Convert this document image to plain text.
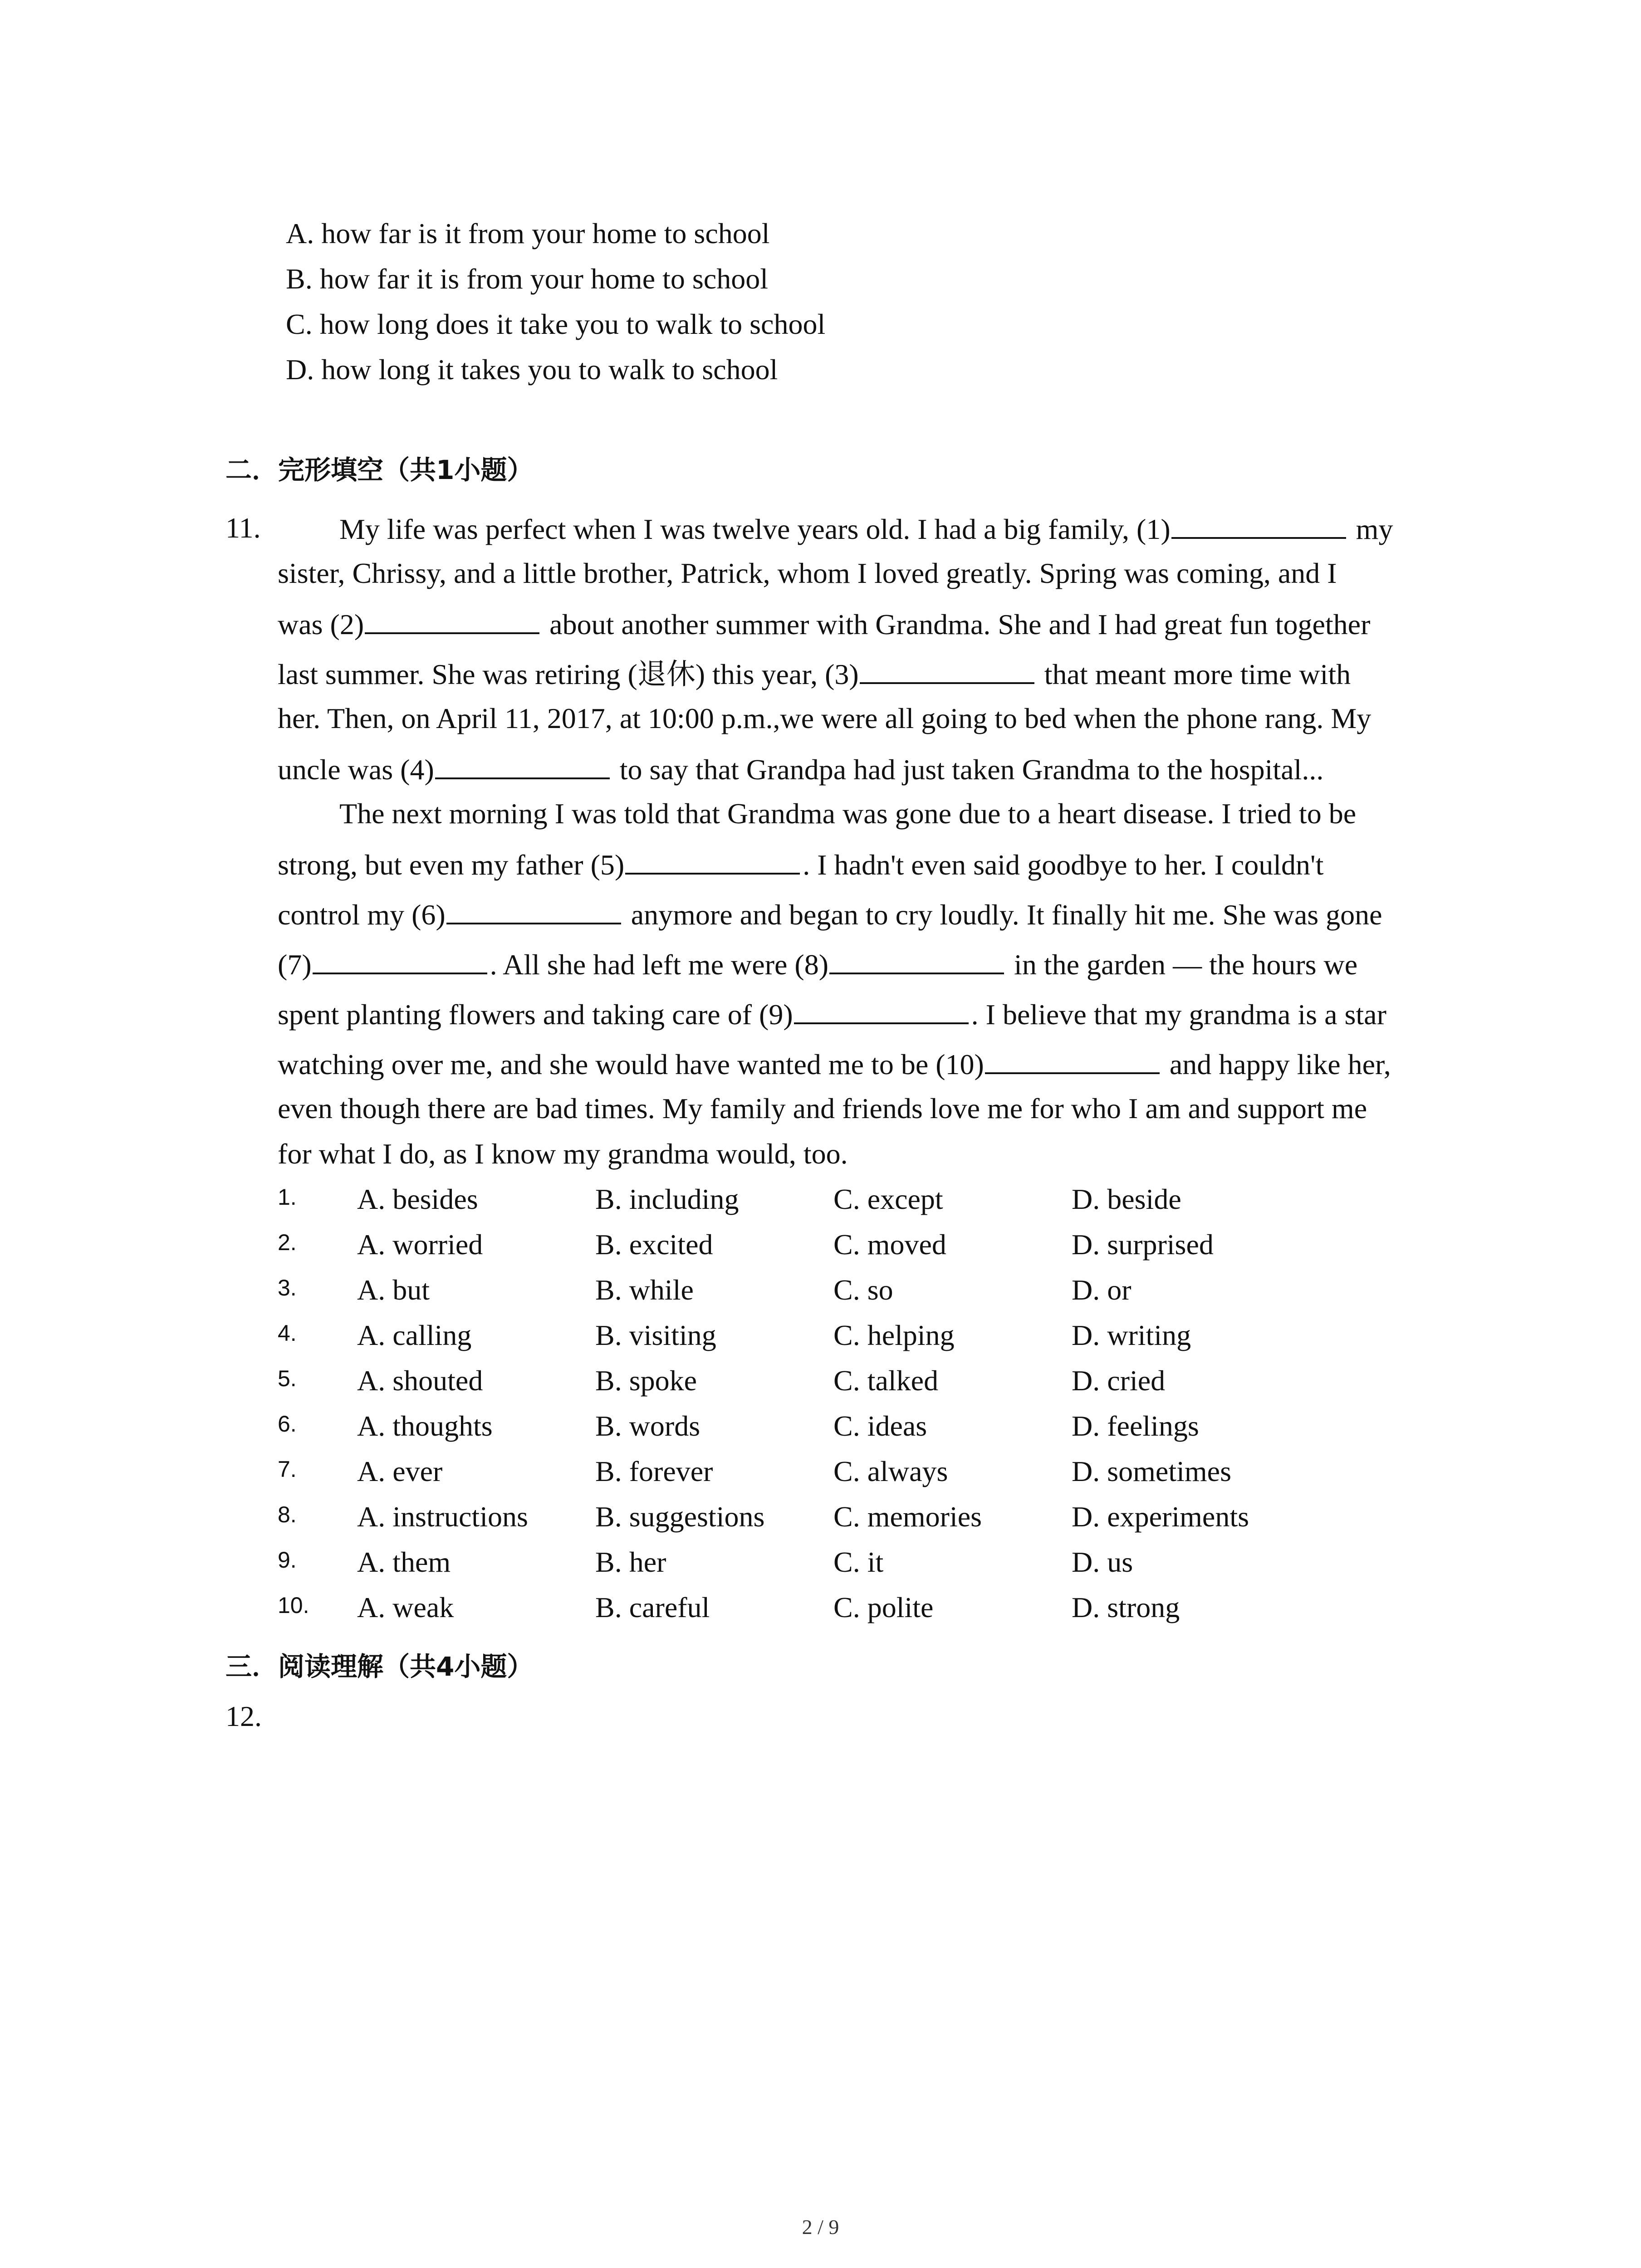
A. how far is it from your home to school
B. how far it is from your home to school
C. how long does it take you to walk to school
D. how long it takes you to walk to school
二．完形填空（共1小题）
11.	My life was perfect when I was twelve years old. I had a big family, (1)	my
sister, Chrissy, and a little brother, Patrick, whom I loved greatly. Spring was coming, and I
was (2)	about another summer with Grandma. She and I had great fun together
last summer. She was retiring (退休) this year, (3)	that meant more time with
her. Then, on April 11, 2017, at 10:00 p.m.,we were all going to bed when the phone rang. My
uncle was (4)	to say that Grandpa had just taken Grandma to the hospital...
The next morning I was told that Grandma was gone due to a heart disease. I tried to be
strong, but even my father (5)	. I hadn't even said goodbye to her. I couldn't
control my (6)	anymore and began to cry loudly. It finally hit me. She was gone
(7)	. All she had left me were (8)	in the garden — the hours we
spent planting flowers and taking care of (9)	. I believe that my grandma is a star
watching over me, and she would have wanted me to be (10)	and happy like her,
even though there are bad times. My family and friends love me for who I am and support me
for what I do, as I know my grandma would, too.
1. A. besides	B. including	C. except	D. beside
2. A. worried	B. excited	C. moved	D. surprised
3. A. but	B. while	C. so	D. or
4. A. calling	B. visiting	C. helping	D. writing
5. A. shouted	B. spoke	C. talked	D. cried
6. A. thoughts	B. words	C. ideas	D. feelings
7. A. ever	B. forever	C. always	D. sometimes
8. A. instructions B. suggestions C. memories	D. experiments
9. A. them	B. her	C. it	D. us
10. A. weak	B. careful	C. polite	D. strong
三．阅读理解（共4小题）
12.
2 / 9
